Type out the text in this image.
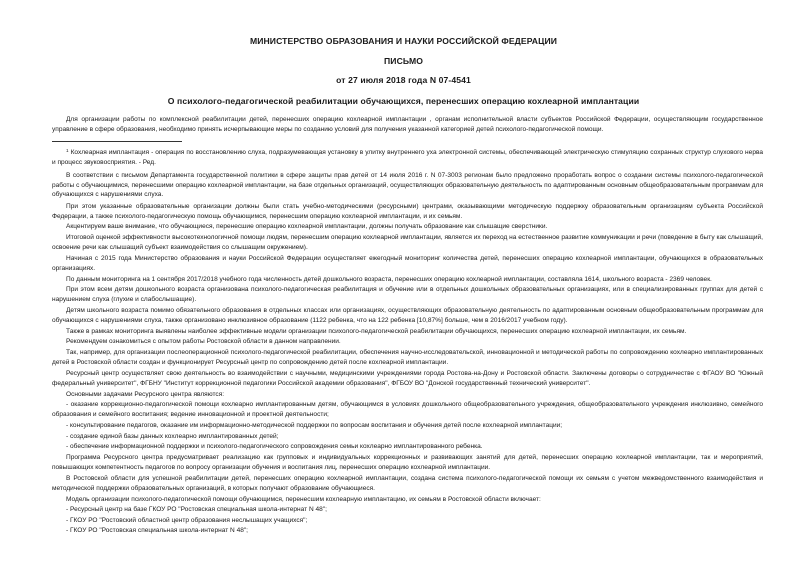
МИНИСТЕРСТВО ОБРАЗОВАНИЯ И НАУКИ РОССИЙСКОЙ ФЕДЕРАЦИИ
ПИСЬМО
от 27 июля 2018 года N 07-4541
О психолого-педагогической реабилитации обучающихся, перенесших операцию кохлеарной имплантации

Для организации работы по комплексной реабилитации детей, перенесших операцию кохлеарной имплантации , органам исполнительной власти субъектов Российской Федерации, осуществляющим государственное управление в сфере образования, необходимо принять исчерпывающие меры по созданию условий для получения указанной категорией детей психолого-педагогической помощи.

$^1$ Кохлеарная имплантация - операция по восстановлению слуха, подразумевающая установку в улитку внутреннего уха электронной системы, обеспечивающей электрическую стимуляцию сохранных структур слухового нерва и процесс звуковосприятия. - Ред.

В соответствии с письмом Департамента государственной политики в сфере защиты прав детей от 14 июля 2016 г. N 07-3003 регионам было предложено проработать вопрос о создании системы психолого-педагогической работы с обучающимися, перенесшими операцию кохлеарной имплантации, на базе отдельных организаций, осуществляющих образовательную деятельность по адаптированным основным общеобразовательным программам для обучающихся с нарушениями слуха.

При этом указанные образовательные организации должны были стать учебно-методическими (ресурсными) центрами, оказывающими методическую поддержку образовательным организациям субъекта Российской Федерации, а также психолого-педагогическую помощь обучающимся, перенесшим операцию кохлеарной имплантации, и их семьям.

Акцентируем ваше внимание, что обучающиеся, перенесшие операцию кохлеарной имплантации, должны получать образование как слышащие сверстники.

Итоговой оценкой эффективности высокотехнологичной помощи людям, перенесшим операцию кохлеарной имплантации, является их переход на естественное развитие коммуникации и речи (поведение в быту как слышащий, освоение речи как слышащий субъект взаимодействия со слышащим окружением).

Начиная с 2015 года Министерство образования и науки Российской Федерации осуществляет ежегодный мониторинг количества детей, перенесших операцию кохлеарной имплантации, обучающихся в образовательных организациях.

По данным мониторинга на 1 сентября 2017/2018 учебного года численность детей дошкольного возраста, перенесших операцию кохлеарной имплантации, составляла 1614, школьного возраста - 2369 человек.

При этом всем детям дошкольного возраста организована психолого-педагогическая реабилитация и обучение или в отдельных дошкольных образовательных организациях, или в специализированных группах для детей с нарушением слуха (глухие и слабослышащие).

Детям школьного возраста помимо обязательного образования в отдельных классах или организациях, осуществляющих образовательную деятельность по адаптированным основным общеобразовательным программам для обучающихся с нарушениями слуха, также организовано инклюзивное образование (1122 ребенка, что на 122 ребенка [10,87%] больше, чем в 2016/2017 учебном году).

Также в рамках мониторинга выявлены наиболее эффективные модели организации психолого-педагогической реабилитации обучающихся, перенесших операцию кохлеарной имплантации, их семьям.

Рекомендуем ознакомиться с опытом работы Ростовской области в данном направлении.

Так, например, для организации послеоперационной психолого-педагогической реабилитации, обеспечения научно-исследовательской, инновационной и методической работы по сопровождению кохлеарно имплантированных детей в Ростовской области создан и функционирует Ресурсный центр по сопровождению детей после кохлеарной имплантации.

Ресурсный центр осуществляет свою деятельность во взаимодействии с научными, медицинскими учреждениями города Ростова-на-Дону и Ростовской области. Заключены договоры о сотрудничестве с ФГАОУ ВО "Южный федеральный университет", ФГБНУ "Институт коррекционной педагогики Российской академии образования", ФГБОУ ВО "Донской государственный технический университет".

Основными задачами Ресурсного центра являются:

- оказание коррекционно-педагогической помощи кохлеарно имплантированным детям, обучающимся в условиях дошкольного общеобразовательного учреждения, общеобразовательного учреждения инклюзивно, семейного образования и семейного воспитания; ведение инновационной и проектной деятельности;

- консультирование педагогов, оказание им информационно-методической поддержки по вопросам воспитания и обучения детей после кохлеарной имплантации;

- создание единой базы данных кохлеарно имплантированных детей;

- обеспечение информационной поддержки и психолого-педагогического сопровождения семьи кохлеарно имплантированного ребенка.

Программа Ресурсного центра предусматривает реализацию как групповых и индивидуальных коррекционных и развивающих занятий для детей, перенесших операцию кохлеарной имплантации, так и мероприятий, повышающих компетентность педагогов по вопросу организации обучения и воспитания лиц, перенесших операцию кохлеарной имплантации.

В Ростовской области для успешной реабилитации детей, перенесших операцию кохлеарной имплантации, создана система психолого-педагогической помощи их семьям с учетом межведомственного взаимодействия и методической поддержки образовательных организаций, в которых получают образование обучающиеся.

Модель организации психолого-педагогической помощи обучающимся, перенесшим кохлеарную имплантацию, их семьям в Ростовской области включает:

- Ресурсный центр на базе ГКОУ РО "Ростовская специальная школа-интернат N 48";

- ГКОУ РО "Ростовский областной центр образования неслышащих учащихся";

- ГКОУ РО "Ростовская специальная школа-интернат N 48";
